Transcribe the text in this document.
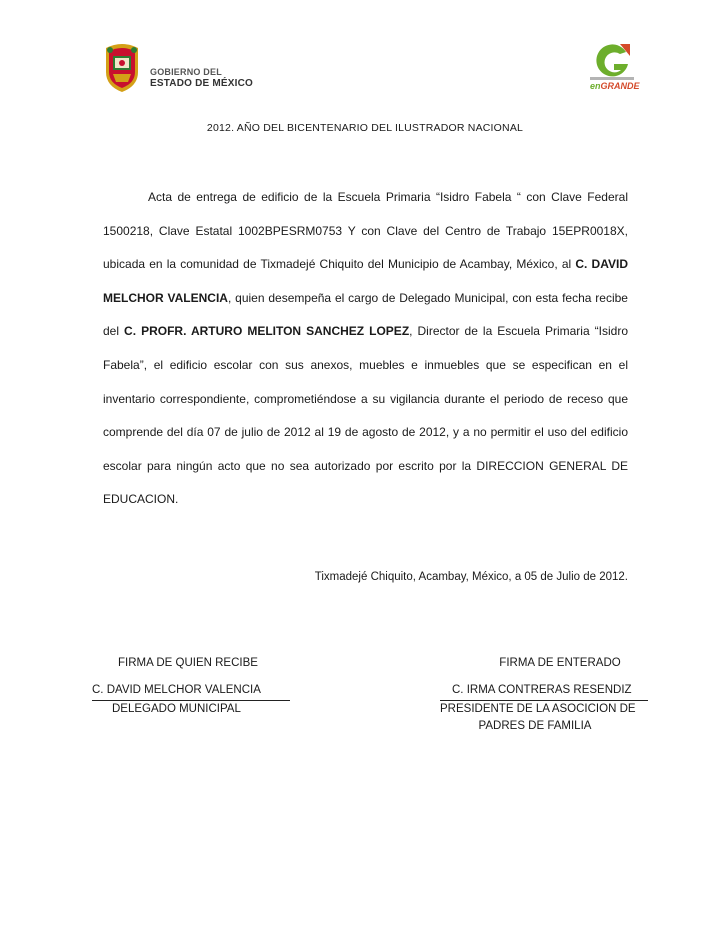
GOBIERNO DEL
ESTADO DE MÉXICO	enGRANDE
2012. AÑO DEL BICENTENARIO DEL ILUSTRADOR NACIONAL
Acta de entrega de edificio de la Escuela Primaria “Isidro Fabela “ con Clave Federal 1500218, Clave Estatal 1002BPESRM0753 Y con Clave del Centro de Trabajo 15EPR0018X, ubicada en la comunidad de Tixmadejé Chiquito del Municipio de Acambay, México, al C. DAVID MELCHOR VALENCIA, quien desempeña el cargo de Delegado Municipal, con esta fecha recibe del C. PROFR. ARTURO MELITON SANCHEZ LOPEZ, Director de la Escuela Primaria “Isidro Fabela”, el edificio escolar con sus anexos, muebles e inmuebles que se especifican en el inventario correspondiente, comprometiéndose a su vigilancia durante el periodo de receso que comprende del día 07 de julio de 2012 al 19 de agosto de 2012, y a no permitir el uso del edificio escolar para ningún acto que no sea autorizado por escrito por la DIRECCION GENERAL DE EDUCACION.
Tixmadejé Chiquito, Acambay, México, a 05 de Julio de 2012.
FIRMA DE QUIEN RECIBE
C. DAVID MELCHOR VALENCIA
DELEGADO MUNICIPAL
FIRMA DE ENTERADO
C. IRMA CONTRERAS RESENDIZ
PRESIDENTE DE LA ASOCICION DE
PADRES DE FAMILIA
